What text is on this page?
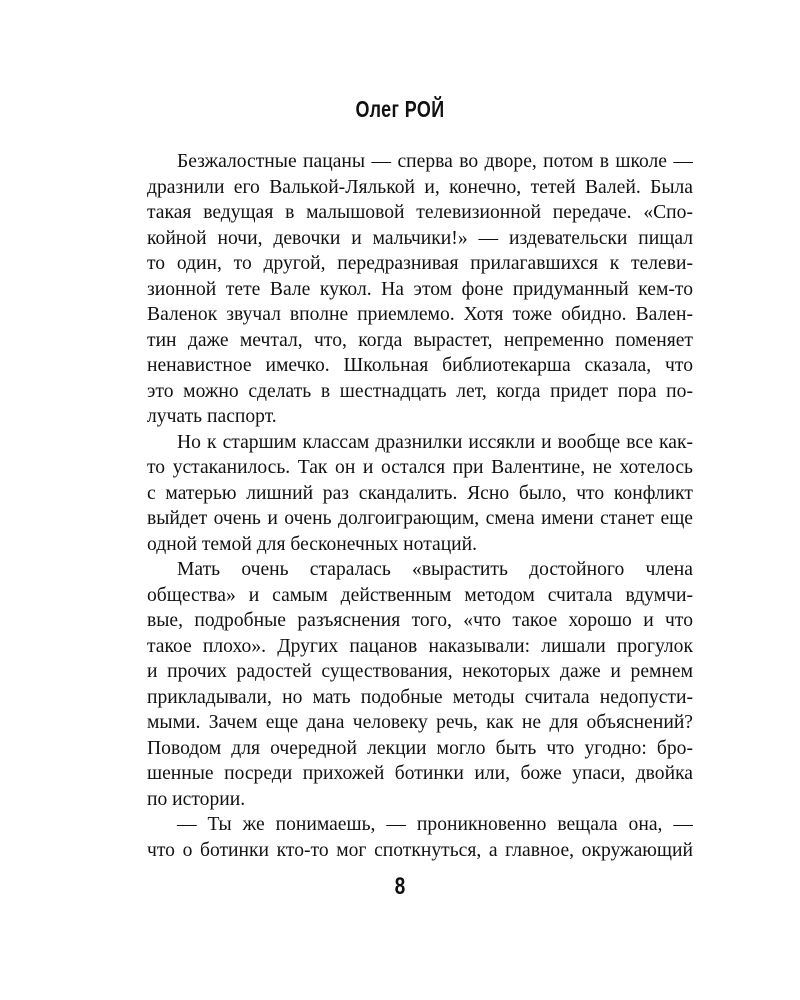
Олег РОЙ
Безжалостные пацаны — сперва во дворе, потом в школе —
дразнили его Валькой-Лялькой и, конечно, тетей Валей. Была
такая ведущая в малышовой телевизионной передаче. «Спо-
койной ночи, девочки и мальчики!» — издевательски пищал
то один, то другой, передразнивая прилагавшихся к телеви-
зионной тете Вале кукол. На этом фоне придуманный кем-то
Валенок звучал вполне приемлемо. Хотя тоже обидно. Вален-
тин даже мечтал, что, когда вырастет, непременно поменяет
ненавистное имечко. Школьная библиотекарша сказала, что
это можно сделать в шестнадцать лет, когда придет пора по-
лучать паспорт.
Но к старшим классам дразнилки иссякли и вообще все как-
то устаканилось. Так он и остался при Валентине, не хотелось
с матерью лишний раз скандалить. Ясно было, что конфликт
выйдет очень и очень долгоиграющим, смена имени станет еще
одной темой для бесконечных нотаций.
Мать очень старалась «вырастить достойного члена
общества» и самым действенным методом считала вдумчи-
вые, подробные разъяснения того, «что такое хорошо и что
такое плохо». Других пацанов наказывали: лишали прогулок
и прочих радостей существования, некоторых даже и ремнем
прикладывали, но мать подобные методы считала недопусти-
мыми. Зачем еще дана человеку речь, как не для объяснений?
Поводом для очередной лекции могло быть что угодно: бро-
шенные посреди прихожей ботинки или, боже упаси, двойка
по истории.
— Ты же понимаешь, — проникновенно вещала она, —
что о ботинки кто-то мог споткнуться, а главное, окружающий
8
